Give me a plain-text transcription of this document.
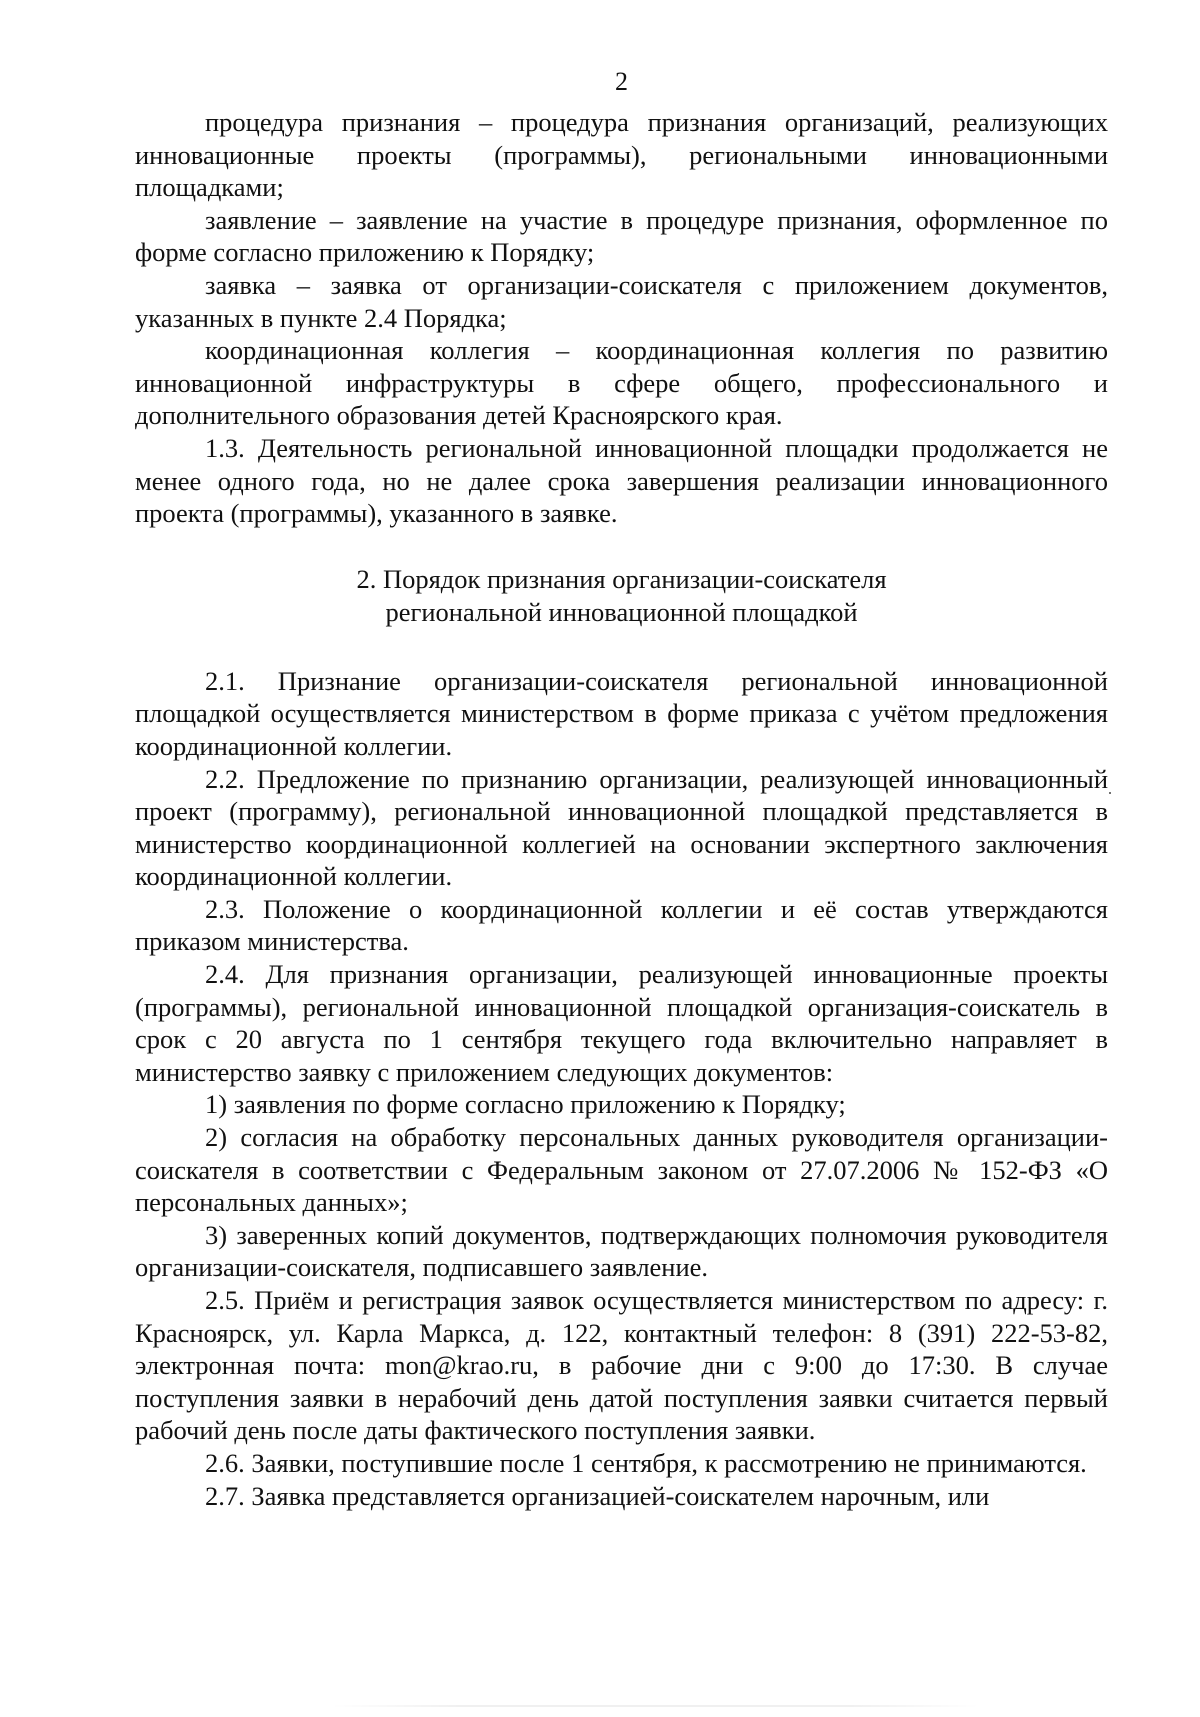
2

процедура признания – процедура признания организаций, реализующих инновационные проекты (программы), региональными инновационными площадками;

заявление – заявление на участие в процедуре признания, оформленное по форме согласно приложению к Порядку;

заявка – заявка от организации-соискателя с приложением документов, указанных в пункте 2.4 Порядка;

координационная коллегия – координационная коллегия по развитию инновационной инфраструктуры в сфере общего, профессионального и дополнительного образования детей Красноярского края.

1.3. Деятельность региональной инновационной площадки продолжается не менее одного года, но не далее срока завершения реализации инновационного проекта (программы), указанного в заявке.

2. Порядок признания организации-соискателя
региональной инновационной площадкой

2.1. Признание организации-соискателя региональной инновационной площадкой осуществляется министерством в форме приказа с учётом предложения координационной коллегии.

2.2. Предложение по признанию организации, реализующей инновационный проект (программу), региональной инновационной площадкой представляется в министерство координационной коллегией на основании экспертного заключения координационной коллегии.

2.3. Положение о координационной коллегии и её состав утверждаются приказом министерства.

2.4. Для признания организации, реализующей инновационные проекты (программы), региональной инновационной площадкой организация-соискатель в срок с 20 августа по 1 сентября текущего года включительно направляет в министерство заявку с приложением следующих документов:

1) заявления по форме согласно приложению к Порядку;

2) согласия на обработку персональных данных руководителя организации-соискателя в соответствии с Федеральным законом от 27.07.2006 № 152-ФЗ «О персональных данных»;

3) заверенных копий документов, подтверждающих полномочия руководителя организации-соискателя, подписавшего заявление.

2.5. Приём и регистрация заявок осуществляется министерством по адресу: г. Красноярск, ул. Карла Маркса, д. 122, контактный телефон: 8 (391) 222-53-82, электронная почта: mon@krao.ru, в рабочие дни с 9:00 до 17:30. В случае поступления заявки в нерабочий день датой поступления заявки считается первый рабочий день после даты фактического поступления заявки.

2.6. Заявки, поступившие после 1 сентября, к рассмотрению не принимаются.

2.7. Заявка представляется организацией-соискателем нарочным, или
